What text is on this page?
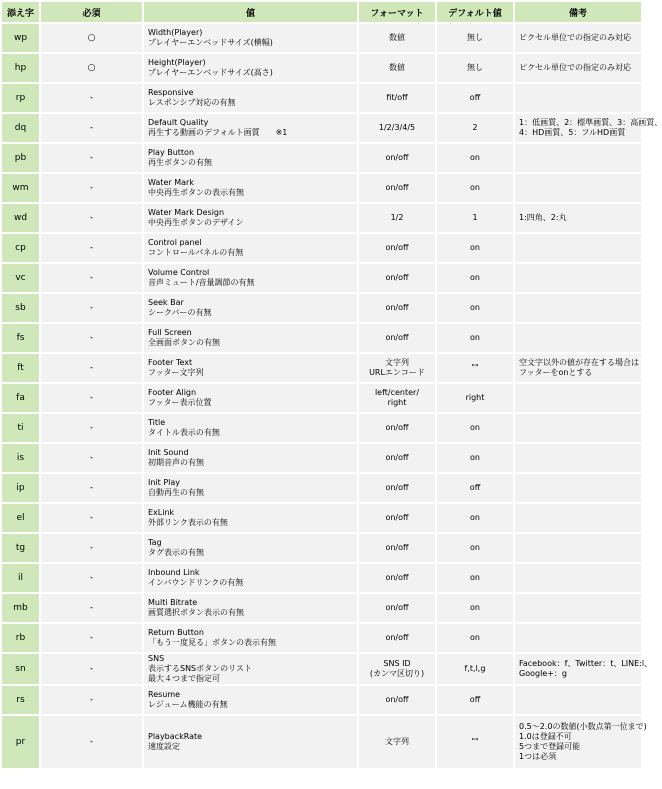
添え字	必須	値	フォーマット	デフォルト値	備考

wp	○	Width(Player)
プレイヤーエンベッドサイズ(横幅)	数値	無し	ピクセル単位での指定のみ対応

hp	○	Height(Player)
プレイヤーエンベッドサイズ(高さ)	数値	無し	ピクセル単位での指定のみ対応

rp	-	Responsive
レスポンシブ対応の有無	fit/off	off	

dq	-	Default Quality
再生する動画のデフォルト画質　　※1	1/2/3/4/5	2	1：低画質、2：標準画質、3：高画質、
4：HD画質、5：フルHD画質

pb	-	Play Button
再生ボタンの有無	on/off	on	

wm	-	Water Mark
中央再生ボタンの表示有無	on/off	on	

wd	-	Water Mark Design
中央再生ボタンのデザイン	1/2	1	1:四角、2:丸

cp	-	Control panel
コントロールパネルの有無	on/off	on	

vc	-	Volume Control
音声ミュート/音量調節の有無	on/off	on	

sb	-	Seek Bar
シークバーの有無	on/off	on	

fs	-	Full Screen
全画面ボタンの有無	on/off	on	

ft	-	Footer Text
フッター文字列	文字列
URLエンコード	""	空文字以外の値が存在する場合は
フッターをonとする

fa	-	Footer Align
フッター表示位置	left/center/
right	right	

ti	-	Title
タイトル表示の有無	on/off	on	

is	-	Init Sound
初期音声の有無	on/off	on	

ip	-	Init Play
自動再生の有無	on/off	off	

el	-	ExLink
外部リンク表示の有無	on/off	on	

tg	-	Tag
タグ表示の有無	on/off	on	

il	-	Inbound Link
インバウンドリンクの有無	on/off	on	

mb	-	Multi Bitrate
画質選択ボタン表示の有無	on/off	on	

rb	-	Return Button
「もう一度見る」ボタンの表示有無	on/off	on	

sn	-	SNS
表示するSNSボタンのリスト
最大４つまで指定可	SNS ID
(カンマ区切り)	f,t,l,g	Facebook：f、Twitter：t、LINE:l、
Google+：g

rs	-	Resume
レジューム機能の有無	on/off	off	

pr	-	PlaybackRate
速度設定	文字列	""	0.5～2.0の数値(小数点第一位まで)
1.0は登録不可
5つまで登録可能
1つは必須
